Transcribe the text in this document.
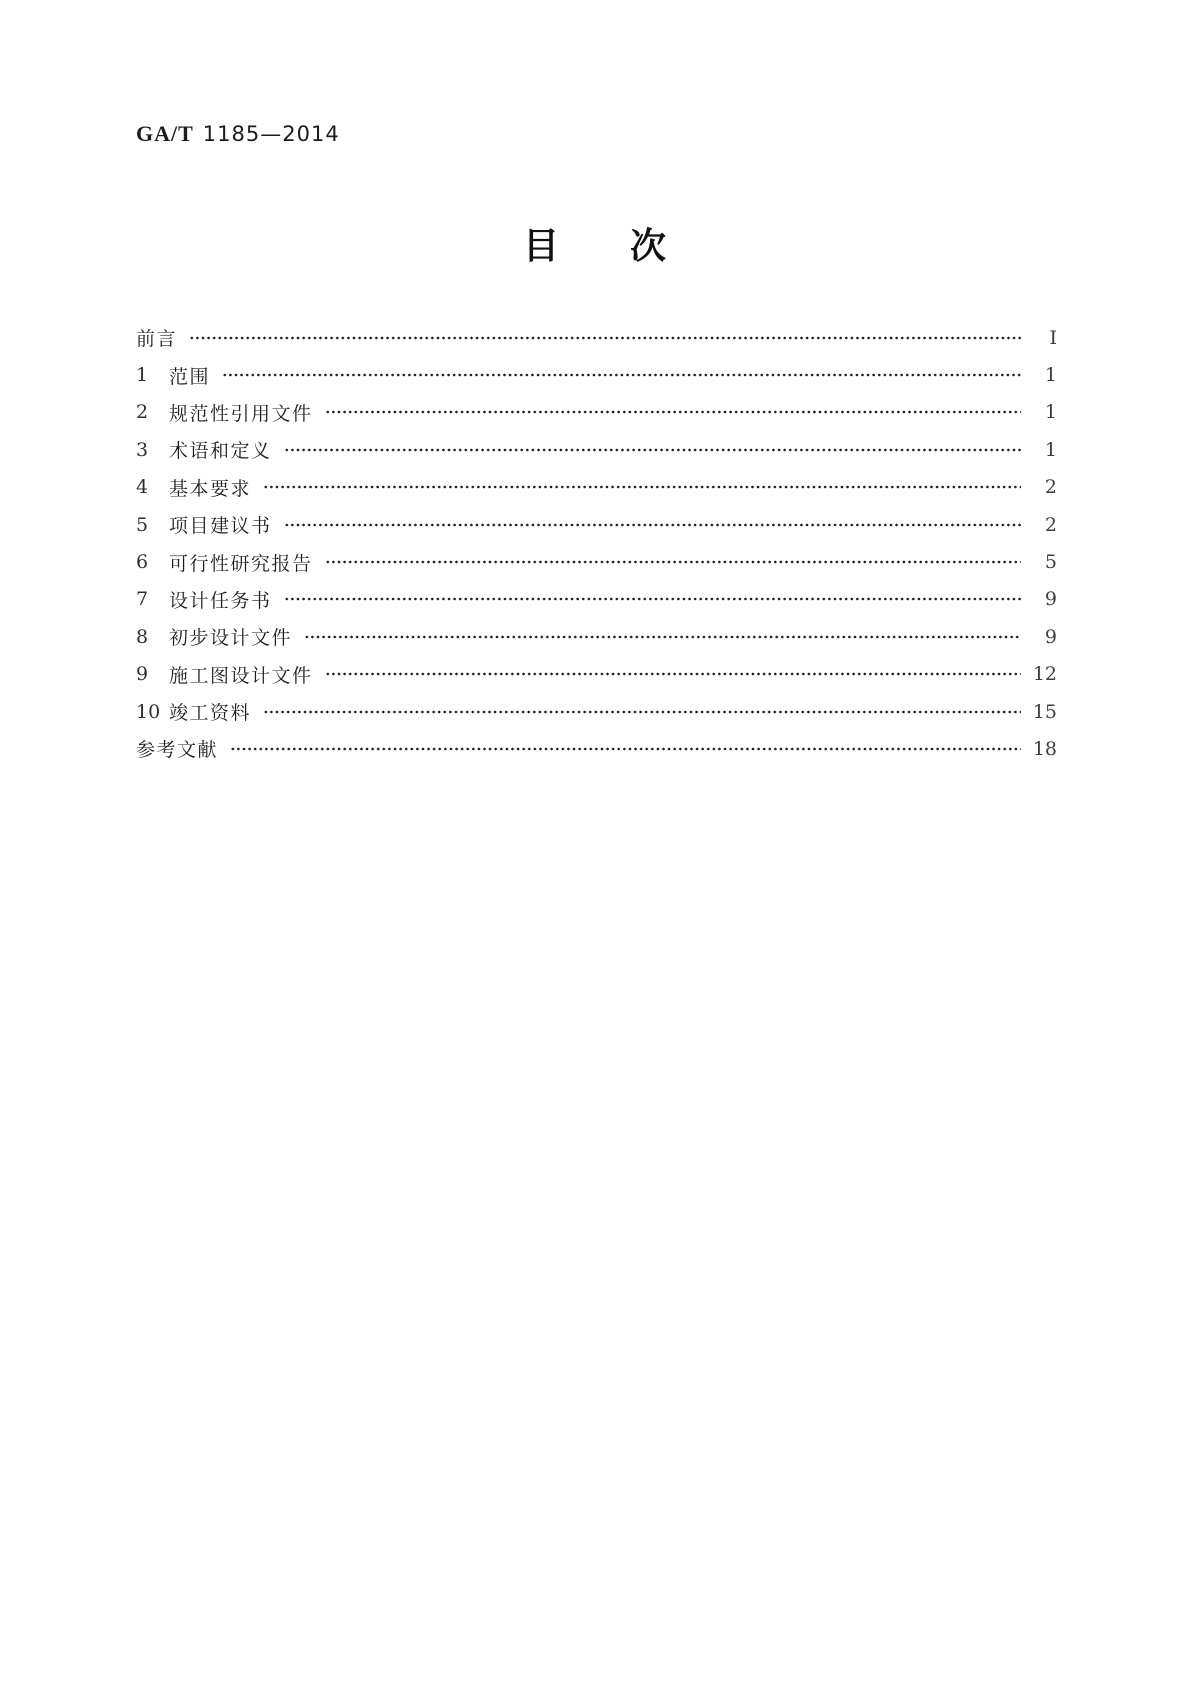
GA/T 1185—2014
目 次
前言	Ⅰ
1	范围	1
2	规范性引用文件	1
3	术语和定义	1
4	基本要求	2
5	项目建议书	2
6	可行性研究报告	5
7	设计任务书	9
8	初步设计文件	9
9	施工图设计文件	12
10 竣工资料	15
参考文献	18
